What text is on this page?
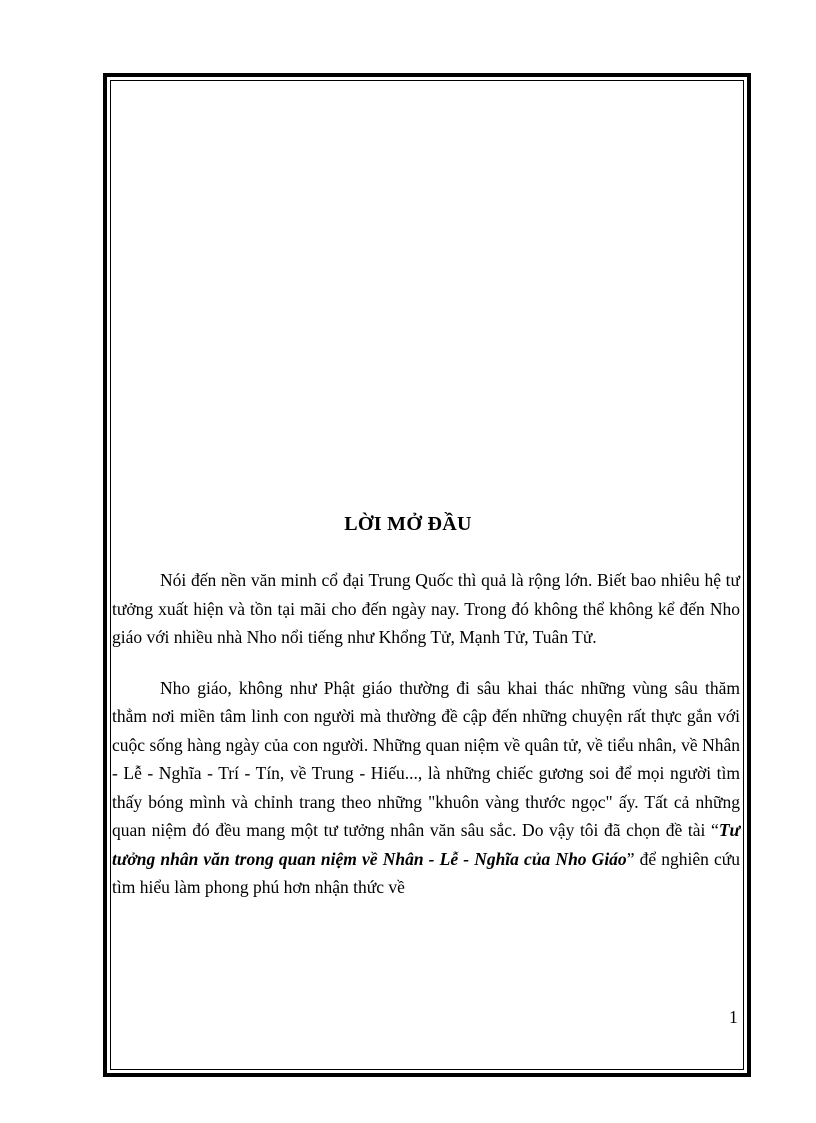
LỜI MỞ ĐẦU

Nói đến nền văn minh cổ đại Trung Quốc thì quả là rộng lớn. Biết bao nhiêu hệ tư tưởng xuất hiện và tồn tại mãi cho đến ngày nay. Trong đó không thể không kể đến Nho giáo với nhiều nhà Nho nổi tiếng như Khổng Tử, Mạnh Tử, Tuân Tử.

Nho giáo, không như Phật giáo thường đi sâu khai thác những vùng sâu thăm thẳm nơi miền tâm linh con người mà thường đề cập đến những chuyện rất thực gắn với cuộc sống hàng ngày của con người. Những quan niệm về quân tử, về tiểu nhân, về Nhân - Lễ - Nghĩa - Trí - Tín, về Trung - Hiếu..., là những chiếc gương soi để mọi người tìm thấy bóng mình và chỉnh trang theo những "khuôn vàng thước ngọc" ấy. Tất cả những quan niệm đó đều mang một tư tưởng nhân văn sâu sắc. Do vậy tôi đã chọn đề tài “Tư tưởng nhân văn trong quan niệm về Nhân - Lễ - Nghĩa của Nho Giáo” để nghiên cứu tìm hiểu làm phong phú hơn nhận thức về

1
